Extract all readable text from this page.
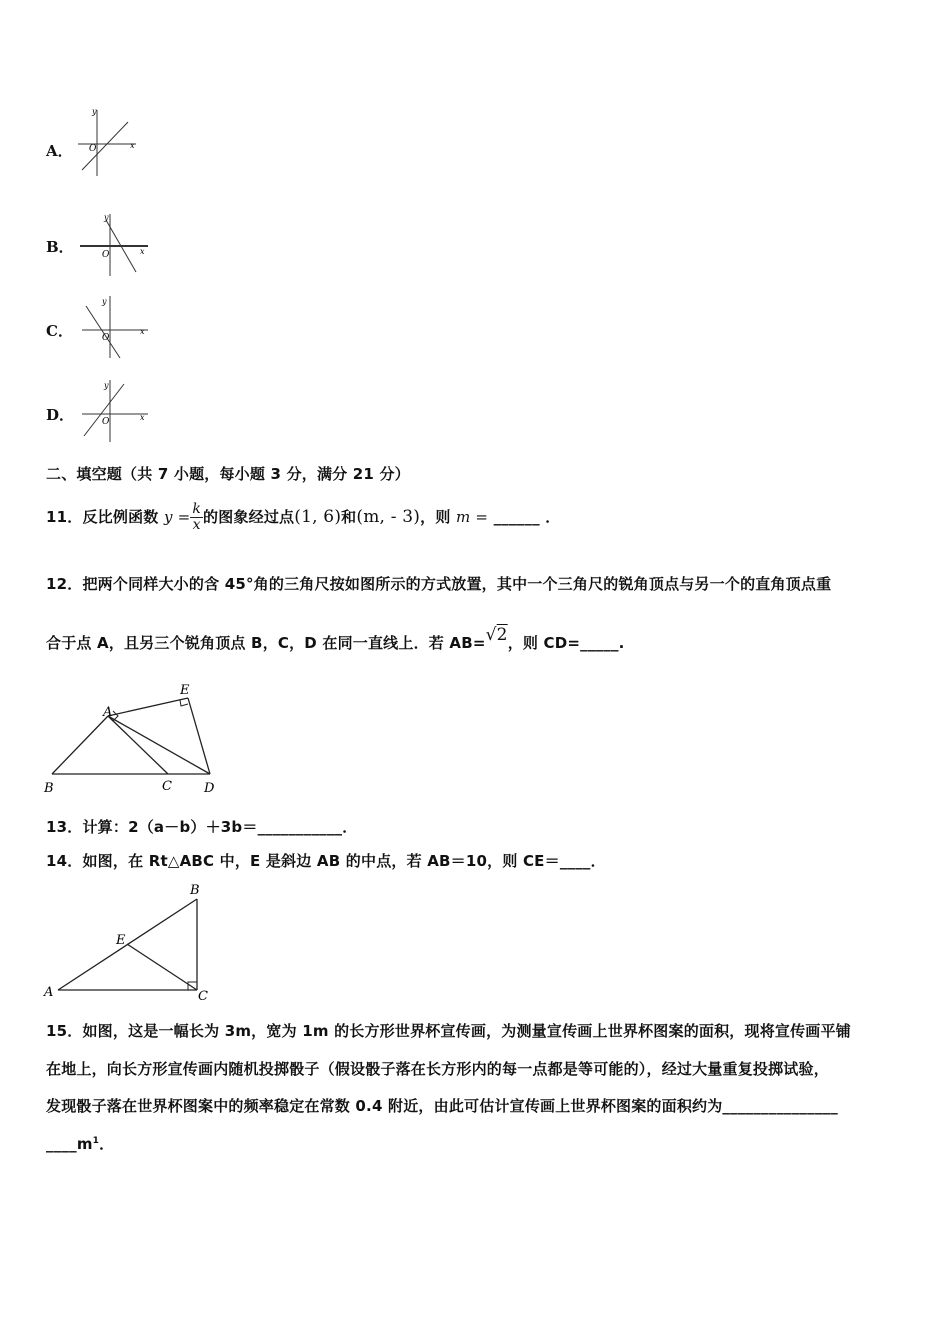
A．
y
x
O
B．
y
x
O
C．
y
x
O
D．
y
x
O
二、填空题（共 7 小题，每小题 3 分，满分 21 分）
11．反比例函数 $y = \frac{k}{x}$ 的图象经过点(1, 6)和(m, - 3)，则 m = ______ ．
12．把两个同样大小的含 45°角的三角尺按如图所示的方式放置，其中一个三角尺的锐角顶点与另一个的直角顶点重
合于点 A，且另三个锐角顶点 B，C，D 在同一直线上．若 AB=√2，则 CD=_____.
A
B	C D
E
13．计算：2（a－b）＋3b＝___________．
14．如图，在 Rt△ABC 中，E 是斜边 AB 的中点，若 AB＝10，则 CE＝____．
B
E
A	C
15．如图，这是一幅长为 3m，宽为 1m 的长方形世界杯宣传画，为测量宣传画上世界杯图案的面积，现将宣传画平铺
在地上，向长方形宣传画内随机投掷骰子（假设骰子落在长方形内的每一点都是等可能的），经过大量重复投掷试验，
发现骰子落在世界杯图案中的频率稳定在常数 0.4 附近，由此可估计宣传画上世界杯图案的面积约为_______________
$\_\_\_\_m^1$．
